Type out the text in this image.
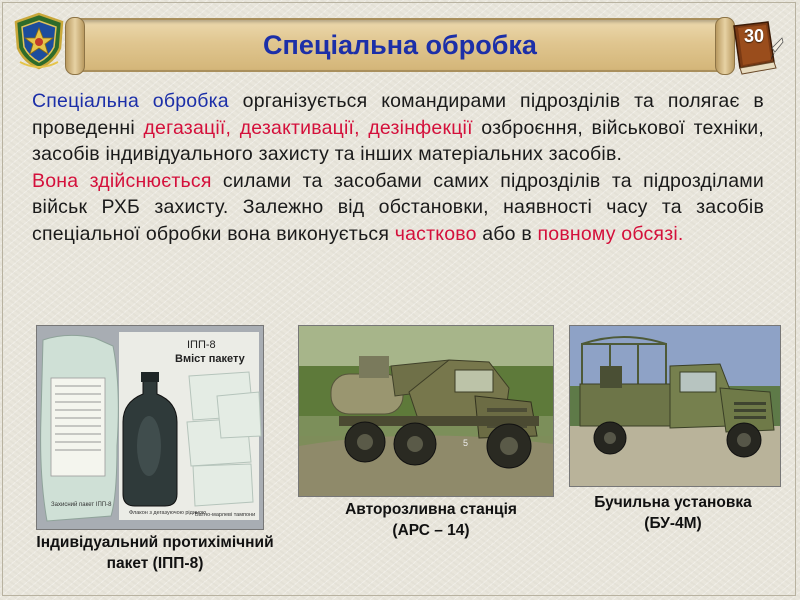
Спеціальна обробка	30

Спеціальна обробка організується командирами підрозділів та полягає в проведенні дегазації, дезактивації, дезінфекції озброєння, військової техніки, засобів індивідуального захисту та інших матеріальних засобів.

Вона здійснюється силами та засобами самих підрозділів та підрозділами військ РХБ захисту. Залежно від обстановки, наявності часу та засобів спеціальної обробки вона виконується частково або в повному обсязі.

ІПП-8
Вміст пакету
Захисний пакет ІПП-8
Флакон з дегазуючою рідиною
Ватно-марлеві тампони
5
Індивідуальний протихімічний
пакет (ІПП-8)
Авторозливна станція
(АРС – 14)
Бучильна установка
(БУ-4М)
